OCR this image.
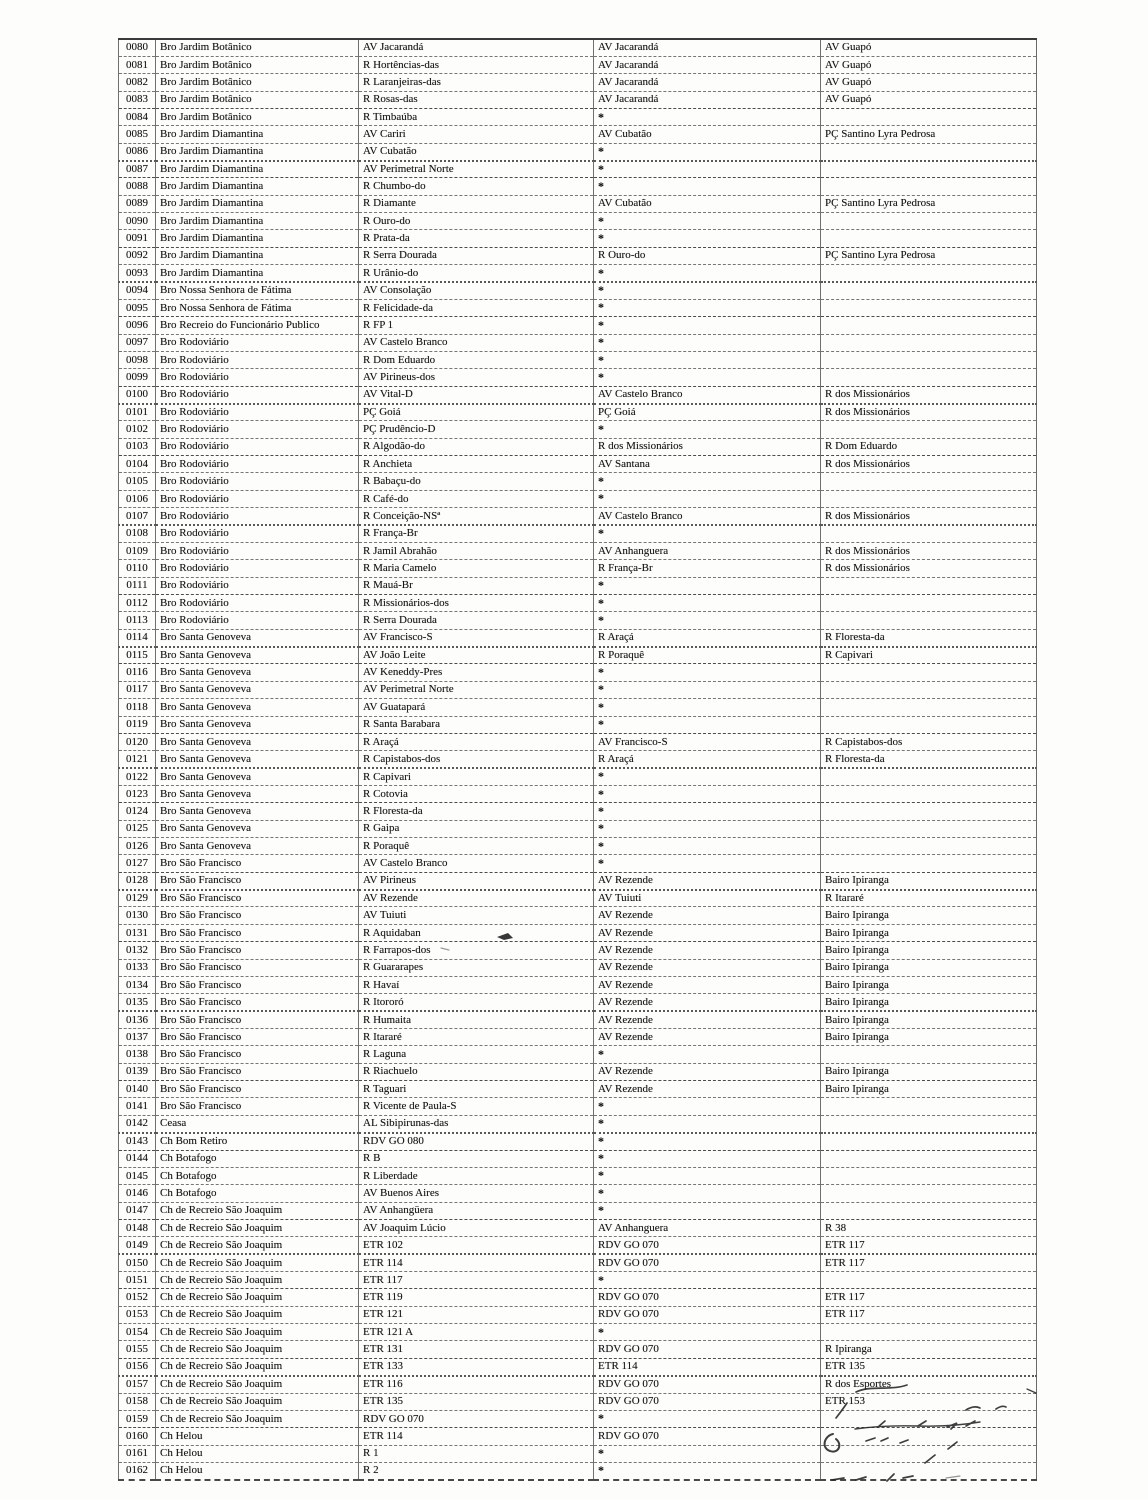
0080	Bro Jardim Botânico	AV Jacarandá	AV Jacarandá	AV Guapó
0081	Bro Jardim Botânico	R Hortências-das	AV Jacarandá	AV Guapó
0082	Bro Jardim Botânico	R Laranjeiras-das	AV Jacarandá	AV Guapó
0083	Bro Jardim Botânico	R Rosas-das	AV Jacarandá	AV Guapó
0084	Bro Jardim Botânico	R Timbaúba	*	
0085	Bro Jardim Diamantina	AV Cariri	AV Cubatão	PÇ Santino Lyra Pedrosa
0086	Bro Jardim Diamantina	AV Cubatão	*	
0087	Bro Jardim Diamantina	AV Perimetral Norte	*	
0088	Bro Jardim Diamantina	R Chumbo-do	*	
0089	Bro Jardim Diamantina	R Diamante	AV Cubatão	PÇ Santino Lyra Pedrosa
0090	Bro Jardim Diamantina	R Ouro-do	*	
0091	Bro Jardim Diamantina	R Prata-da	*	
0092	Bro Jardim Diamantina	R Serra Dourada	R Ouro-do	PÇ Santino Lyra Pedrosa
0093	Bro Jardim Diamantina	R Urânio-do	*	
0094	Bro Nossa Senhora de Fátima	AV Consolação	*	
0095	Bro Nossa Senhora de Fátima	R Felicidade-da	*	
0096	Bro Recreio do Funcionário Publico	R FP 1	*	
0097	Bro Rodoviário	AV Castelo Branco	*	
0098	Bro Rodoviário	R Dom Eduardo	*	
0099	Bro Rodoviário	AV Pirineus-dos	*	
0100	Bro Rodoviário	AV Vital-D	AV Castelo Branco	R dos Missionários
0101	Bro Rodoviário	PÇ Goiá	PÇ Goiá	R dos Missionários
0102	Bro Rodoviário	PÇ Prudêncio-D	*	
0103	Bro Rodoviário	R Algodão-do	R dos Missionários	R Dom Eduardo
0104	Bro Rodoviário	R Anchieta	AV Santana	R dos Missionários
0105	Bro Rodoviário	R Babaçu-do	*	
0106	Bro Rodoviário	R Café-do	*	
0107	Bro Rodoviário	R Conceição-NSª	AV Castelo Branco	R dos Missionários
0108	Bro Rodoviário	R França-Br	*	
0109	Bro Rodoviário	R Jamil Abrahão	AV Anhanguera	R dos Missionários
0110	Bro Rodoviário	R Maria Camelo	R França-Br	R dos Missionários
0111	Bro Rodoviário	R Mauá-Br	*	
0112	Bro Rodoviário	R Missionários-dos	*	
0113	Bro Rodoviário	R Serra Dourada	*	
0114	Bro Santa Genoveva	AV Francisco-S	R Araçá	R Floresta-da
0115	Bro Santa Genoveva	AV João Leite	R Poraquê	R Capivari
0116	Bro Santa Genoveva	AV Keneddy-Pres	*	
0117	Bro Santa Genoveva	AV Perimetral Norte	*	
0118	Bro Santa Genoveva	AV Guatapará	*	
0119	Bro Santa Genoveva	R Santa Barabara	*	
0120	Bro Santa Genoveva	R Araçá	AV Francisco-S	R Capistabos-dos
0121	Bro Santa Genoveva	R Capistabos-dos	R Araçá	R Floresta-da
0122	Bro Santa Genoveva	R Capivari	*	
0123	Bro Santa Genoveva	R Cotovia	*	
0124	Bro Santa Genoveva	R Floresta-da	*	
0125	Bro Santa Genoveva	R Gaipa	*	
0126	Bro Santa Genoveva	R Poraquê	*	
0127	Bro São Francisco	AV Castelo Branco	*	
0128	Bro São Francisco	AV Pirineus	AV Rezende	Bairo Ipiranga
0129	Bro São Francisco	AV Rezende	AV Tuiuti	R Itararé
0130	Bro São Francisco	AV Tuiuti	AV Rezende	Bairo Ipiranga
0131	Bro São Francisco	R Aquidaban	AV Rezende	Bairo Ipiranga
0132	Bro São Francisco	R Farrapos-dos	AV Rezende	Bairo Ipiranga
0133	Bro São Francisco	R Guararapes	AV Rezende	Bairo Ipiranga
0134	Bro São Francisco	R Havaí	AV Rezende	Bairo Ipiranga
0135	Bro São Francisco	R Itororó	AV Rezende	Bairo Ipiranga
0136	Bro São Francisco	R Humaita	AV Rezende	Bairo Ipiranga
0137	Bro São Francisco	R Itararé	AV Rezende	Bairo Ipiranga
0138	Bro São Francisco	R Laguna	*	
0139	Bro São Francisco	R Riachuelo	AV Rezende	Bairo Ipiranga
0140	Bro São Francisco	R Taguari	AV Rezende	Bairo Ipiranga
0141	Bro São Francisco	R Vicente de Paula-S	*	
0142	Ceasa	AL Sibipirunas-das	*	
0143	Ch Bom Retiro	RDV GO 080	*	
0144	Ch Botafogo	R B	*	
0145	Ch Botafogo	R Liberdade	*	
0146	Ch Botafogo	AV Buenos Aires	*	
0147	Ch de Recreio São Joaquim	AV Anhangüera	*	
0148	Ch de Recreio São Joaquim	AV Joaquim Lúcio	AV Anhanguera	R 38
0149	Ch de Recreio São Joaquim	ETR 102	RDV GO 070	ETR 117
0150	Ch de Recreio São Joaquim	ETR 114	RDV GO 070	ETR 117
0151	Ch de Recreio São Joaquim	ETR 117	*	
0152	Ch de Recreio São Joaquim	ETR 119	RDV GO 070	ETR 117
0153	Ch de Recreio São Joaquim	ETR 121	RDV GO 070	ETR 117
0154	Ch de Recreio São Joaquim	ETR 121 A	*	
0155	Ch de Recreio São Joaquim	ETR 131	RDV GO 070	R Ipiranga
0156	Ch de Recreio São Joaquim	ETR 133	ETR 114	ETR 135
0157	Ch de Recreio São Joaquim	ETR 116	RDV GO 070	R dos Esportes
0158	Ch de Recreio São Joaquim	ETR 135	RDV GO 070	ETR 153
0159	Ch de Recreio São Joaquim	RDV GO 070	*	
0160	Ch Helou	ETR 114	RDV GO 070	
0161	Ch Helou	R 1	*	
0162	Ch Helou	R 2	*	
